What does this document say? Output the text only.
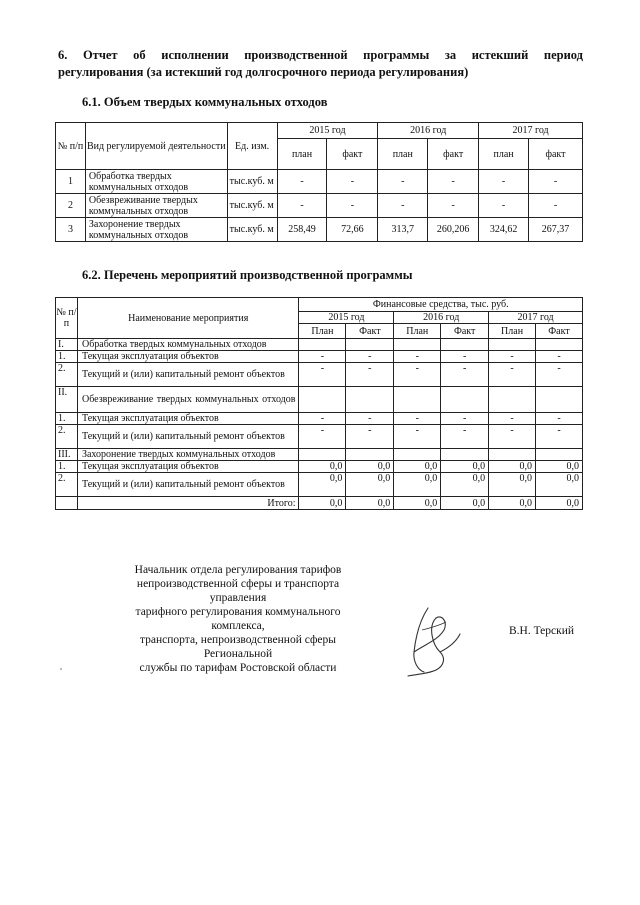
6. Отчет об исполнении производственной программы за истекший период
регулирования (за истекший год долгосрочного периода регулирования)
6.1. Объем твердых коммунальных отходов
№ п/п	Вид регулируемой деятельности	Ед. изм.	2015 год		2016 год		2017 год	
			план	факт	план	факт	план	факт
1	Обработка твердых коммунальных отходов	тыс.куб. м	-	-	-	-	-	-
2	Обезвреживание твердых коммунальных отходов	тыс.куб. м	-	-	-	-	-	-
3	Захоронение твердых коммунальных отходов	тыс.куб. м	258,49	72,66	313,7	260,206	324,62	267,37
6.2. Перечень мероприятий производственной программы
№ п/п	Наименование мероприятия	Финансовые средства, тыс. руб.					
		2015 год		2016 год		2017 год	
		План	Факт	План	Факт	План	Факт
I.	Обработка твердых коммунальных отходов						
1.	Текущая эксплуатация объектов	-	-	-	-	-	-
2.	Текущий и (или) капитальный ремонт объектов	-	-	-	-	-	-
II.	Обезвреживание твердых коммунальных отходов						
1.	Текущая эксплуатация объектов	-	-	-	-	-	-
2.	Текущий и (или) капитальный ремонт объектов	-	-	-	-	-	-
III.	Захоронение твердых коммунальных отходов						
1.	Текущая эксплуатация объектов	0,0	0,0	0,0	0,0	0,0	0,0
2.	Текущий и (или) капитальный ремонт объектов	0,0	0,0	0,0	0,0	0,0	0,0
	Итого:	0,0	0,0	0,0	0,0	0,0	0,0
Начальник отдела регулирования тарифов
непроизводственной сферы и транспорта управления
тарифного регулирования коммунального комплекса,
транспорта, непроизводственной сферы Региональной
службы по тарифам Ростовской области
В.Н. Терский
